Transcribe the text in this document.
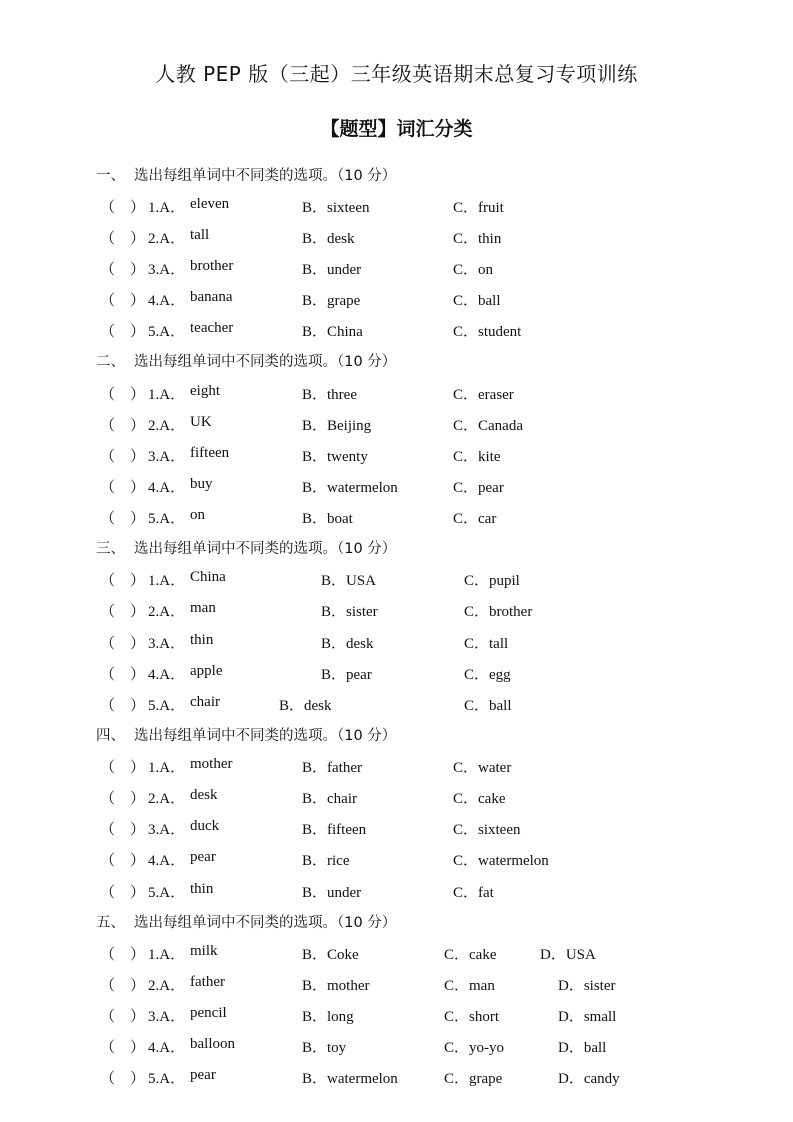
人教 PEP 版（三起）三年级英语期末总复习专项训练
【题型】词汇分类
一、 选出每组单词中不同类的选项。（10 分）
（　） 1.A． eleven	B．sixteen	C．fruit
（　） 2.A． tall	B．desk	C．thin
（　） 3.A． brother	B．under	C．on
（　） 4.A． banana	B．grape	C．ball
（　） 5.A． teacher	B．China	C．student
二、 选出每组单词中不同类的选项。（10 分）
（　） 1.A． eight	B．three	C．eraser
（　） 2.A． UK	B．Beijing	C．Canada
（　） 3.A． fifteen	B．twenty	C．kite
（　） 4.A． buy	B．watermelon	C．pear
（　） 5.A． on	B．boat	C．car
三、 选出每组单词中不同类的选项。（10 分）
（　） 1.A． China	B．USA	C．pupil
（　） 2.A． man	B．sister	C．brother
（　） 3.A． thin	B．desk	C．tall
（　） 4.A． apple	B．pear	C．egg
（　） 5.A． chair	B．desk	C．ball
四、 选出每组单词中不同类的选项。（10 分）
（　） 1.A． mother	B．father	C．water
（　） 2.A． desk	B．chair	C．cake
（　） 3.A． duck	B．fifteen	C．sixteen
（　） 4.A． pear	B．rice	C．watermelon
（　） 5.A． thin	B．under	C．fat
五、 选出每组单词中不同类的选项。（10 分）
（　） 1.A． milk	B．Coke	C．cake	D．USA
（　） 2.A． father	B．mother	C．man	D．sister
（　） 3.A． pencil	B．long	C．short	D．small
（　） 4.A． balloon	B．toy	C．yo-yo	D．ball
（　） 5.A． pear	B．watermelon	C．grape	D．candy
